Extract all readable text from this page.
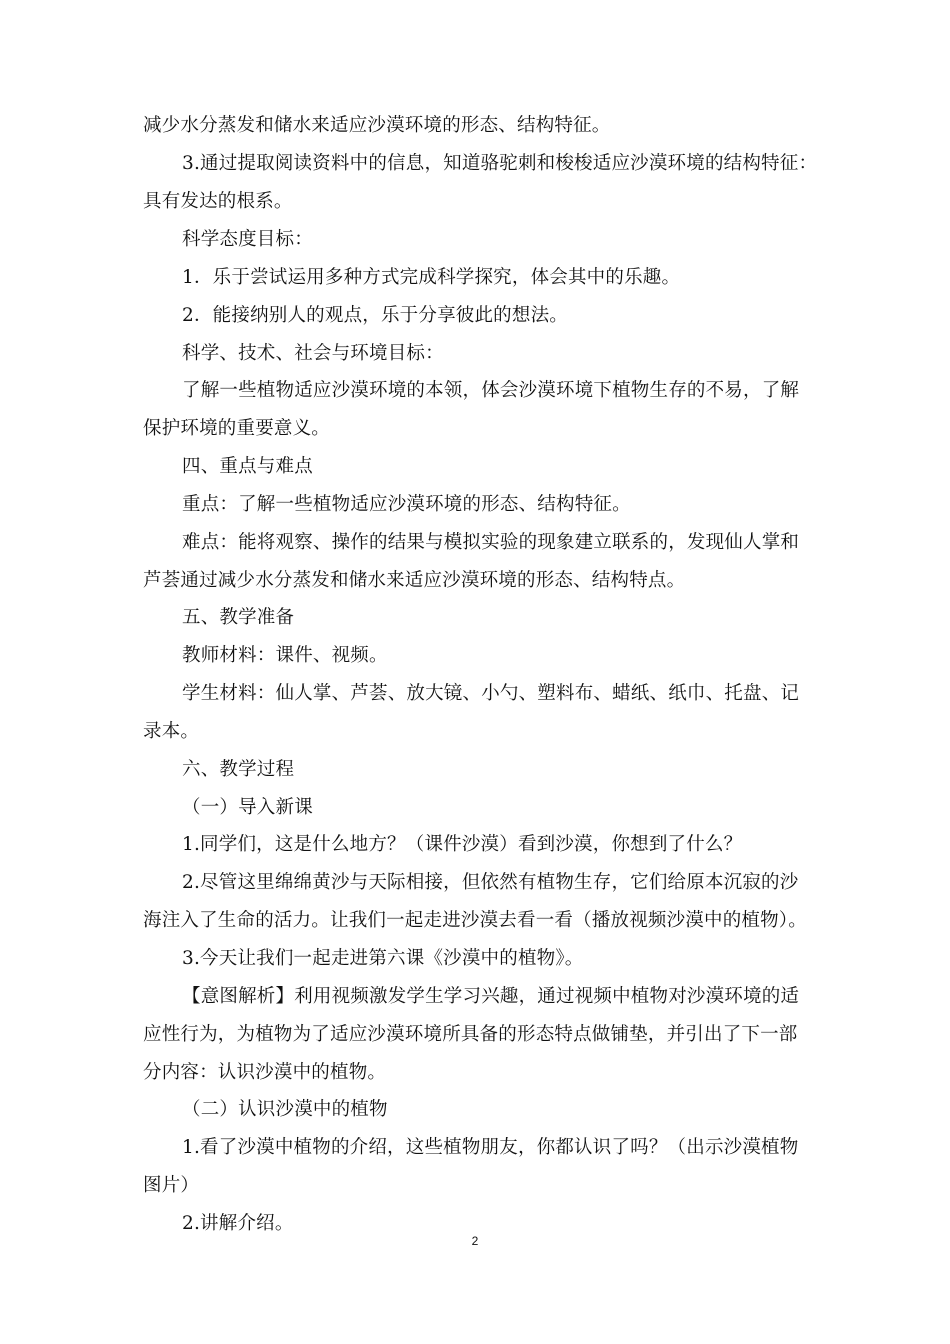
减少水分蒸发和储水来适应沙漠环境的形态、结构特征。
3.通过提取阅读资料中的信息，知道骆驼刺和梭梭适应沙漠环境的结构特征：
具有发达的根系。
科学态度目标：
1．乐于尝试运用多种方式完成科学探究，体会其中的乐趣。
2．能接纳别人的观点，乐于分享彼此的想法。
科学、技术、社会与环境目标：
了解一些植物适应沙漠环境的本领，体会沙漠环境下植物生存的不易，了解
保护环境的重要意义。
四、重点与难点
重点：了解一些植物适应沙漠环境的形态、结构特征。
难点：能将观察、操作的结果与模拟实验的现象建立联系的，发现仙人掌和
芦荟通过减少水分蒸发和储水来适应沙漠环境的形态、结构特点。
五、教学准备
教师材料：课件、视频。
学生材料：仙人掌、芦荟、放大镜、小勺、塑料布、蜡纸、纸巾、托盘、记
录本。
六、教学过程
（一）导入新课
1.同学们，这是什么地方？（课件沙漠）看到沙漠，你想到了什么？
2.尽管这里绵绵黄沙与天际相接，但依然有植物生存，它们给原本沉寂的沙
海注入了生命的活力。让我们一起走进沙漠去看一看（播放视频沙漠中的植物）。
3.今天让我们一起走进第六课《沙漠中的植物》。
【意图解析】利用视频激发学生学习兴趣，通过视频中植物对沙漠环境的适
应性行为，为植物为了适应沙漠环境所具备的形态特点做铺垫，并引出了下一部
分内容：认识沙漠中的植物。
（二）认识沙漠中的植物
1.看了沙漠中植物的介绍，这些植物朋友，你都认识了吗？（出示沙漠植物
图片）
2.讲解介绍。
2
